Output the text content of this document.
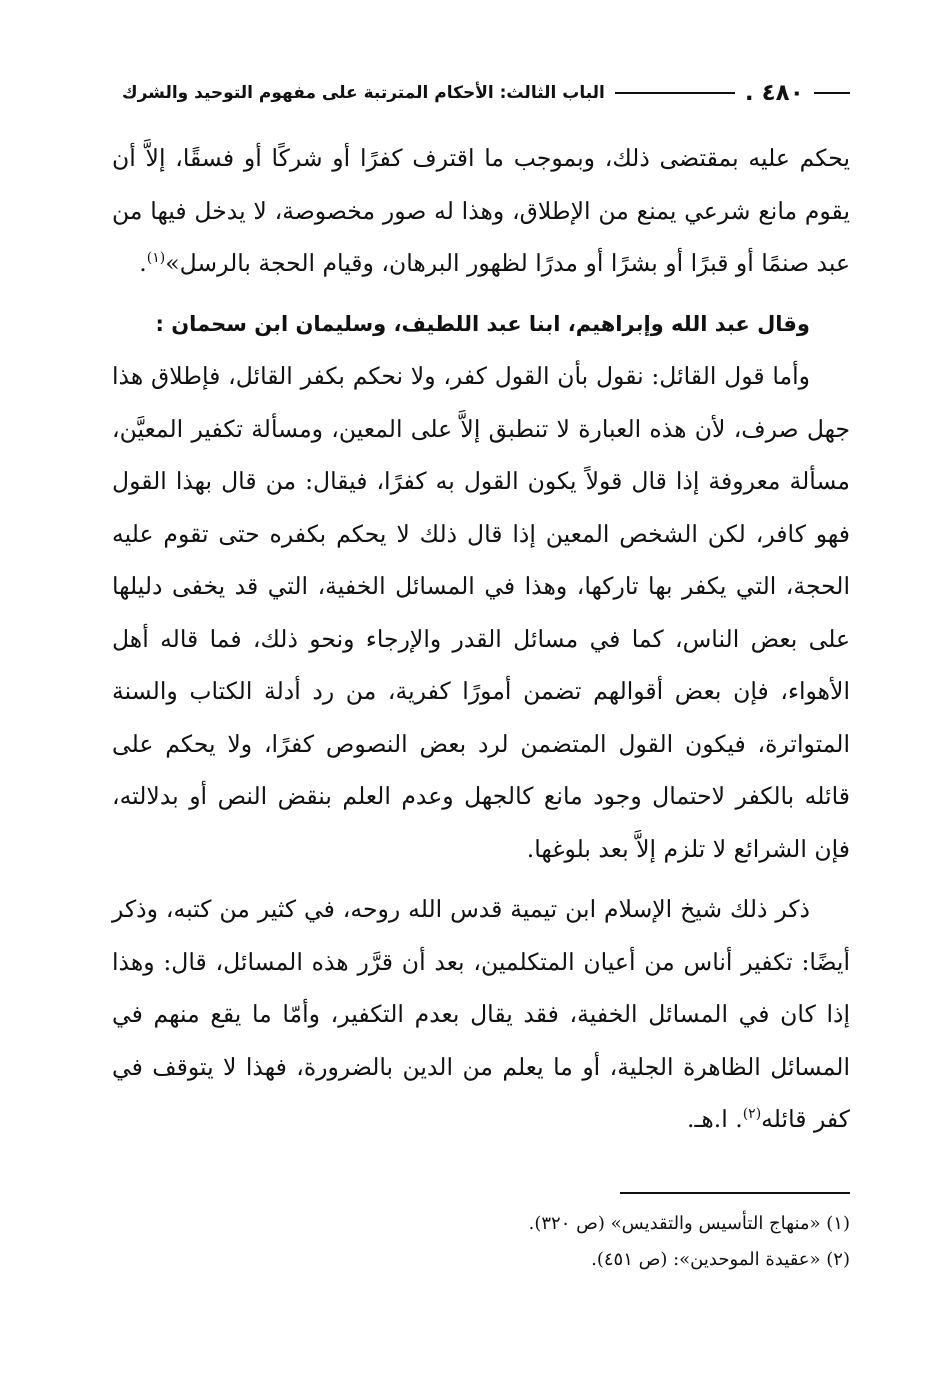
٤٨٠ .
الباب الثالث: الأحكام المترتبة على مفهوم التوحيد والشرك

يحكم عليه بمقتضى ذلك، وبموجب ما اقترف كفرًا أو شركًا أو فسقًا، إلاَّ أن يقوم مانع شرعي يمنع من الإطلاق، وهذا له صور مخصوصة، لا يدخل فيها من عبد صنمًا أو قبرًا أو بشرًا أو مدرًا لظهور البرهان، وقيام الحجة بالرسل»$^{(١)}$.

وقال عبد الله وإبراهيم، ابنا عبد اللطيف، وسليمان ابن سحمان :

وأما قول القائل: نقول بأن القول كفر، ولا نحكم بكفر القائل، فإطلاق هذا جهل صرف، لأن هذه العبارة لا تنطبق إلاَّ على المعين، ومسألة تكفير المعيَّن، مسألة معروفة إذا قال قولاً يكون القول به كفرًا، فيقال: من قال بهذا القول فهو كافر، لكن الشخص المعين إذا قال ذلك لا يحكم بكفره حتى تقوم عليه الحجة، التي يكفر بها تاركها، وهذا في المسائل الخفية، التي قد يخفى دليلها على بعض الناس، كما في مسائل القدر والإرجاء ونحو ذلك، فما قاله أهل الأهواء، فإن بعض أقوالهم تضمن أمورًا كفرية، من رد أدلة الكتاب والسنة المتواترة، فيكون القول المتضمن لرد بعض النصوص كفرًا، ولا يحكم على قائله بالكفر لاحتمال وجود مانع كالجهل وعدم العلم بنقض النص أو بدلالته، فإن الشرائع لا تلزم إلاَّ بعد بلوغها.

ذكر ذلك شيخ الإسلام ابن تيمية قدس الله روحه، في كثير من كتبه، وذكر أيضًا: تكفير أناس من أعيان المتكلمين، بعد أن قرَّر هذه المسائل، قال: وهذا إذا كان في المسائل الخفية، فقد يقال بعدم التكفير، وأمّا ما يقع منهم في المسائل الظاهرة الجلية، أو ما يعلم من الدين بالضرورة، فهذا لا يتوقف في كفر قائله$^{(٢)}$. ا.هـ.

(١) «منهاج التأسيس والتقديس» (ص ٣٢٠).

(٢) «عقيدة الموحدين»: (ص ٤٥١).
